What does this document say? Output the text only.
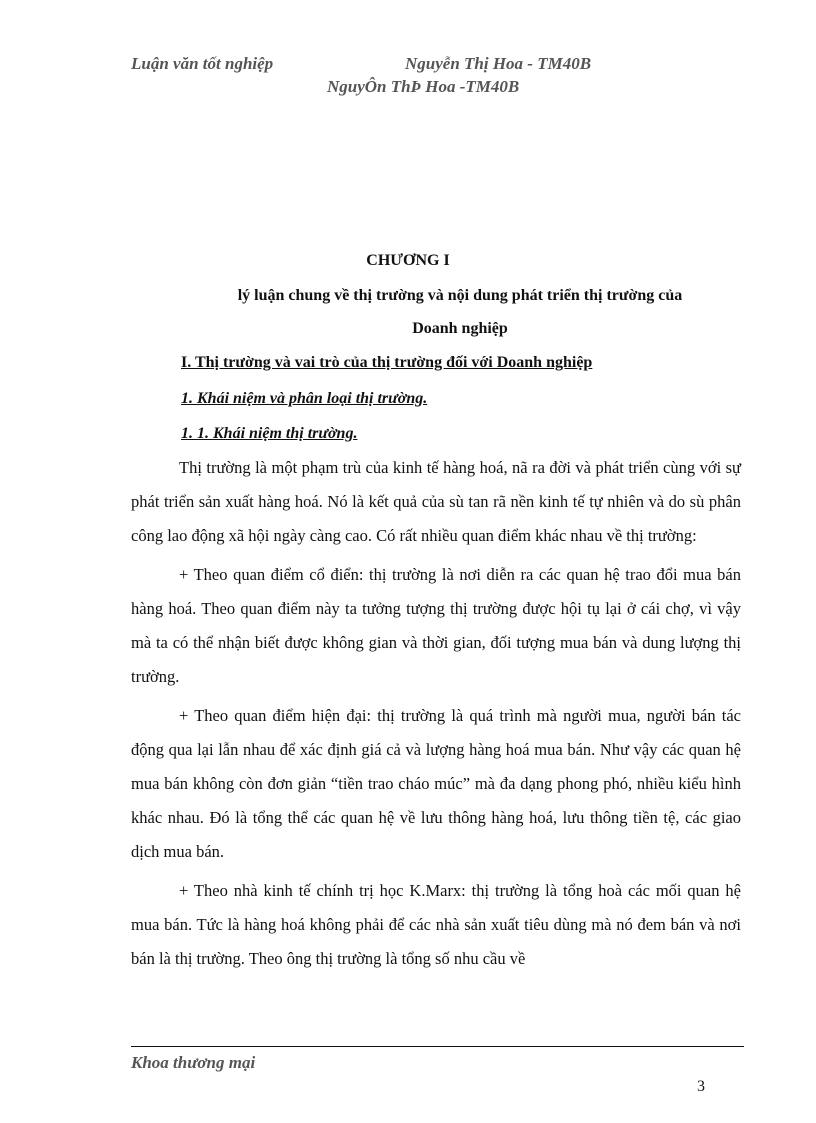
Luận văn tốt nghiệp	Nguyễn Thị Hoa - TM40B
NguyÔn ThÞ Hoa -TM40B
CHƯƠNG I
lý luận chung về thị trường và nội dung phát triển thị trường của
Doanh nghiệp
I. Thị trường và vai trò của thị trường đối với Doanh nghiệp
1. Khái niệm và phân loại thị trường.
1. 1. Khái niệm thị trường.

Thị trường là một phạm trù của kinh tế hàng hoá, nã ra đời và phát triển cùng với sự phát triển sản xuất hàng hoá. Nó là kết quả của sù tan rã nền kinh tế tự nhiên và do sù phân công lao động xã hội ngày càng cao. Có rất nhiều quan điểm khác nhau về thị trường:

+ Theo quan điểm cổ điển: thị trường là nơi diễn ra các quan hệ trao đổi mua bán hàng hoá. Theo quan điểm này ta tưởng tượng thị trường được hội tụ lại ở cái chợ, vì vậy mà ta có thể nhận biết được không gian và thời gian, đối tượng mua bán và dung lượng thị trường.

+ Theo quan điểm hiện đại: thị trường là quá trình mà người mua, người bán tác động qua lại lẫn nhau để xác định giá cả và lượng hàng hoá mua bán. Như vậy các quan hệ mua bán không còn đơn giản “tiền trao cháo múc” mà đa dạng phong phó, nhiều kiểu hình khác nhau. Đó là tổng thể các quan hệ về lưu thông hàng hoá, lưu thông tiền tệ, các giao dịch mua bán.

+ Theo nhà kinh tế chính trị học K.Marx: thị trường là tổng hoà các mối quan hệ mua bán. Tức là hàng hoá không phải để các nhà sản xuất tiêu dùng mà nó đem bán và nơi bán là thị trường. Theo ông thị trường là tổng số nhu cầu về

Khoa thương mại
3
